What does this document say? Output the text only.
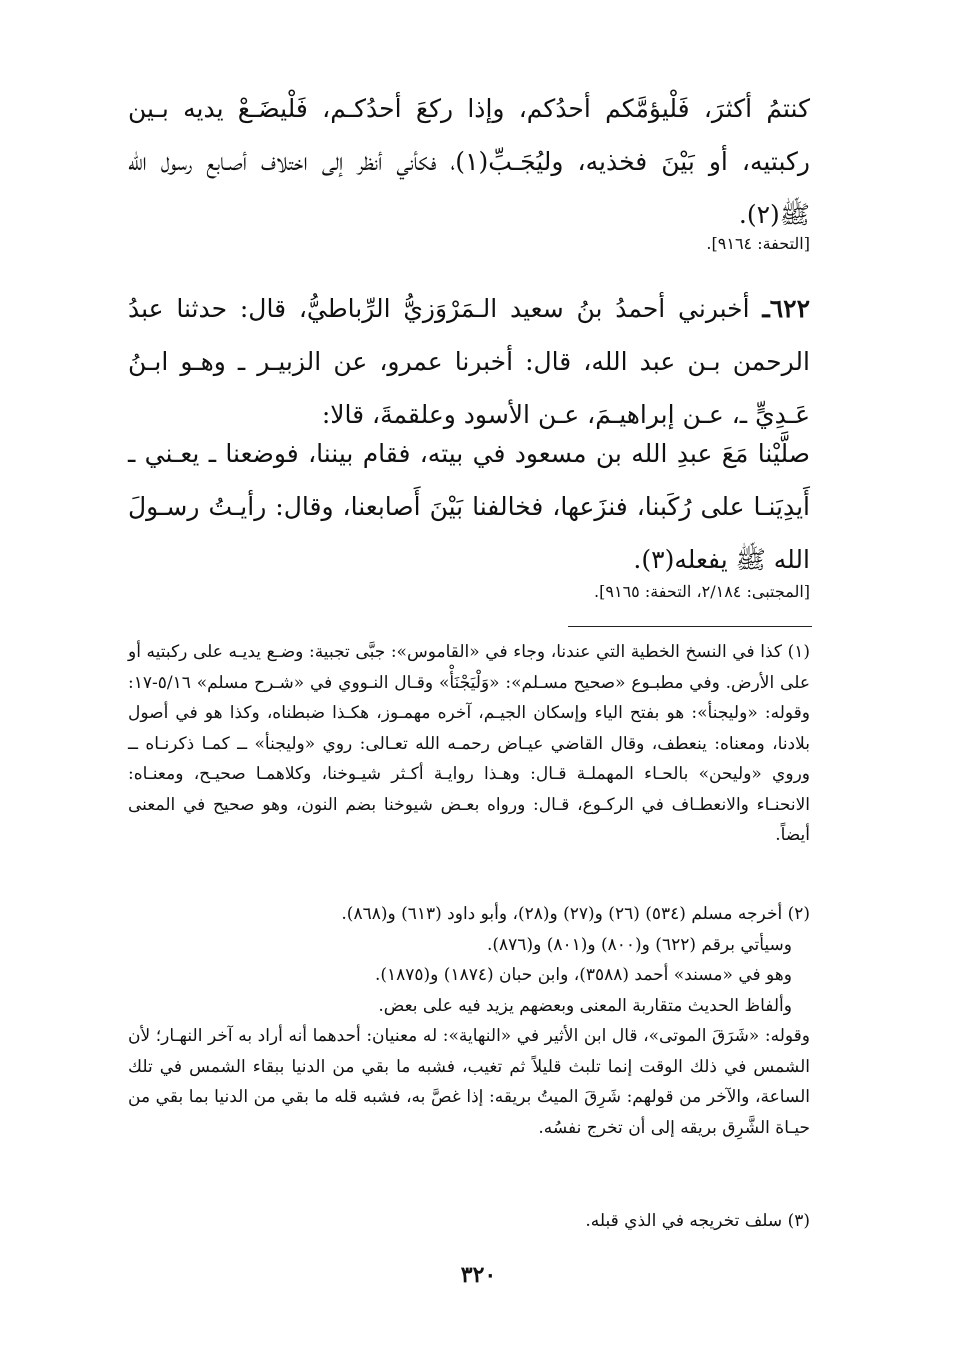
كنتمُ أكثرَ، فَلْيؤمَّكم أحدُكم، وإذا ركعَ أحدُكـم، فَلْيضَـعْ يديه بـين ركبتيه، أو بَيْنَ فخذيه، وليُجَـبِّ(١)، فكأني أنظر إلى اختلاف أصـابع رسول الله ﷺ(٢).
[التحفة: ٩١٦٤].
٦٢٢ـ أخبرني أحمدُ بنُ سعيد الـمَرْوَزيُّ الرِّباطيُّ، قال: حدثنا عبدُ الرحمن بـن عبد الله، قال: أخبرنا عمرو، عن الزبيـر ـ وهـو ابـنُ عَـدِيٍّ ـ، عـن إبراهيـمَ، عـن الأسود وعلقمةَ، قالا:
صلَّيْنا مَعَ عبدِ الله بن مسعود في بيته، فقام بيننا، فوضعنا ـ يعـني ـ أَيدِيَنـا على رُكَبنا، فنزَعها، فخالفنا بَيْنَ أَصابعنا، وقال: رأيـتُ رسـولَ الله ﷺ يفعله(٣).
[المجتبى: ٢/١٨٤، التحفة: ٩١٦٥].
(١) كذا في النسخ الخطية التي عندنا، وجاء في «القاموس»: جبَّى تجبية: وضـع يديـه على ركبتيه أو على الأرض. وفي مطبـوع «صحيح مسـلم»: «وَلْيَجْنَأْ» وقـال النـووي في «شـرح مسلم» ٥/١٦-١٧: وقوله: «وليجنأ»: هو بفتح الياء وإسكان الجيـم، آخره مهمـوز، هكـذا ضبطناه، وكذا هو في أصول بلادنا، ومعناه: ينعطف، وقال القاضي عيـاض رحمـه الله تعـالى: روي «وليجنأ» ــ كمـا ذكرنـاه ــ وروي «وليحن» بالحـاء المهملـة قـال: وهـذا روايـة أكـثر شيـوخنا، وكلاهمـا صحيـح، ومعنـاه: الانحنـاء والانعطـاف في الركـوع، قـال: ورواه بعـض شيوخنا بضم النون، وهو صحيح في المعنى أيضاً.
(٢) أخرجه مسلم (٥٣٤) (٢٦) و(٢٧) و(٢٨)، وأبو داود (٦١٣) و(٨٦٨).
وسيأتي برقم (٦٢٢) و(٨٠٠) و(٨٠١) و(٨٧٦).
وهو في «مسند» أحمد (٣٥٨٨)، وابن حبان (١٨٧٤) و(١٨٧٥).
وألفاظ الحديث متقاربة المعنى وبعضهم يزيد فيه على بعض.
وقوله: «شَرَقَ الموتى»، قال ابن الأثير في «النهاية»: له معنيان: أحدهما أنه أراد به آخر النهـار؛ لأن الشمس في ذلك الوقت إنما تلبث قليلاً ثم تغيب، فشبه ما بقي من الدنيا ببقاء الشمس في تلك الساعة، والآخر من قولهم: شَرِقَ الميتُ بريقه: إذا غصَّ به، فشبه قله ما بقي من الدنيا بما بقي من حيـاة الشَّرِق بريقه إلى أن تخرج نفسُه.
(٣) سلف تخريجه في الذي قبله.
٣٢٠
